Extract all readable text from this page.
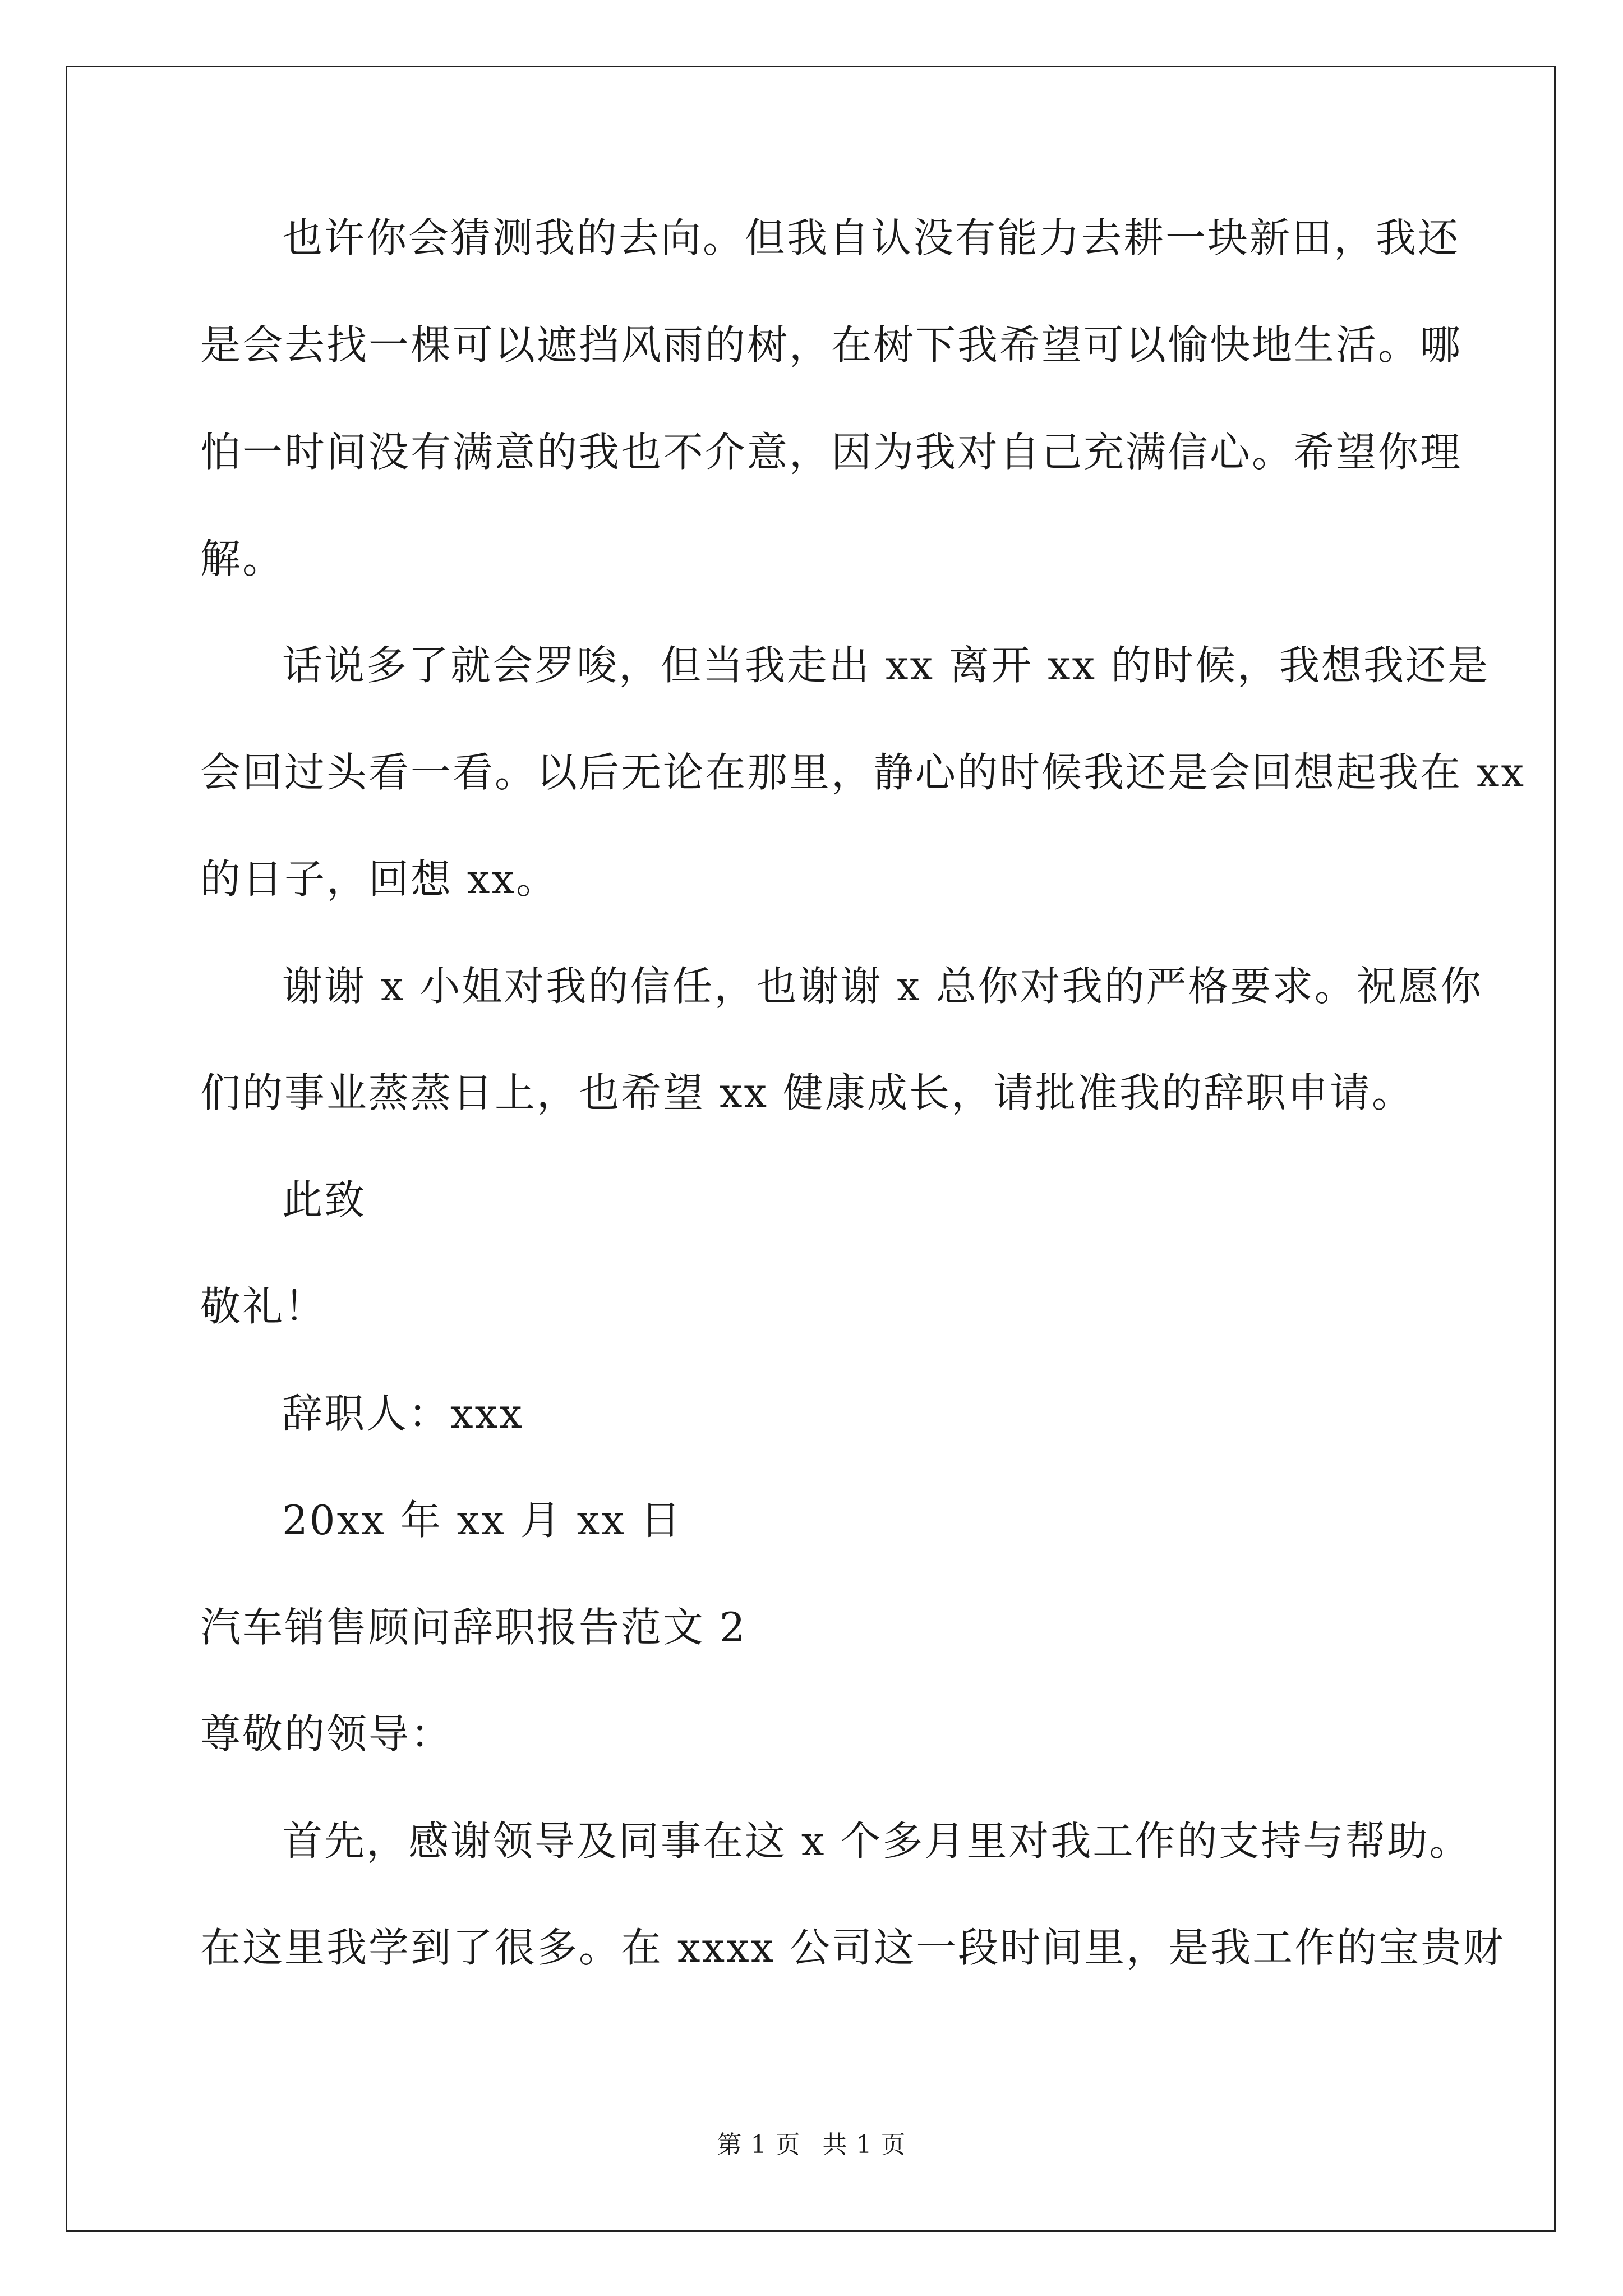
也许你会猜测我的去向。但我自认没有能力去耕一块新田，我还
是会去找一棵可以遮挡风雨的树，在树下我希望可以愉快地生活。哪
怕一时间没有满意的我也不介意，因为我对自己充满信心。希望你理
解。
话说多了就会罗唆，但当我走出 xx 离开 xx 的时候，我想我还是
会回过头看一看。以后无论在那里，静心的时候我还是会回想起我在 xx
的日子，回想 xx。
谢谢 x 小姐对我的信任，也谢谢 x 总你对我的严格要求。祝愿你
们的事业蒸蒸日上，也希望 xx 健康成长，请批准我的辞职申请。
此致
敬礼！
辞职人：xxx
20xx 年 xx 月 xx 日
汽车销售顾问辞职报告范文 2
尊敬的领导：
首先，感谢领导及同事在这 x 个多月里对我工作的支持与帮助。
在这里我学到了很多。在 xxxx 公司这一段时间里，是我工作的宝贵财
第 1 页 共 1 页
